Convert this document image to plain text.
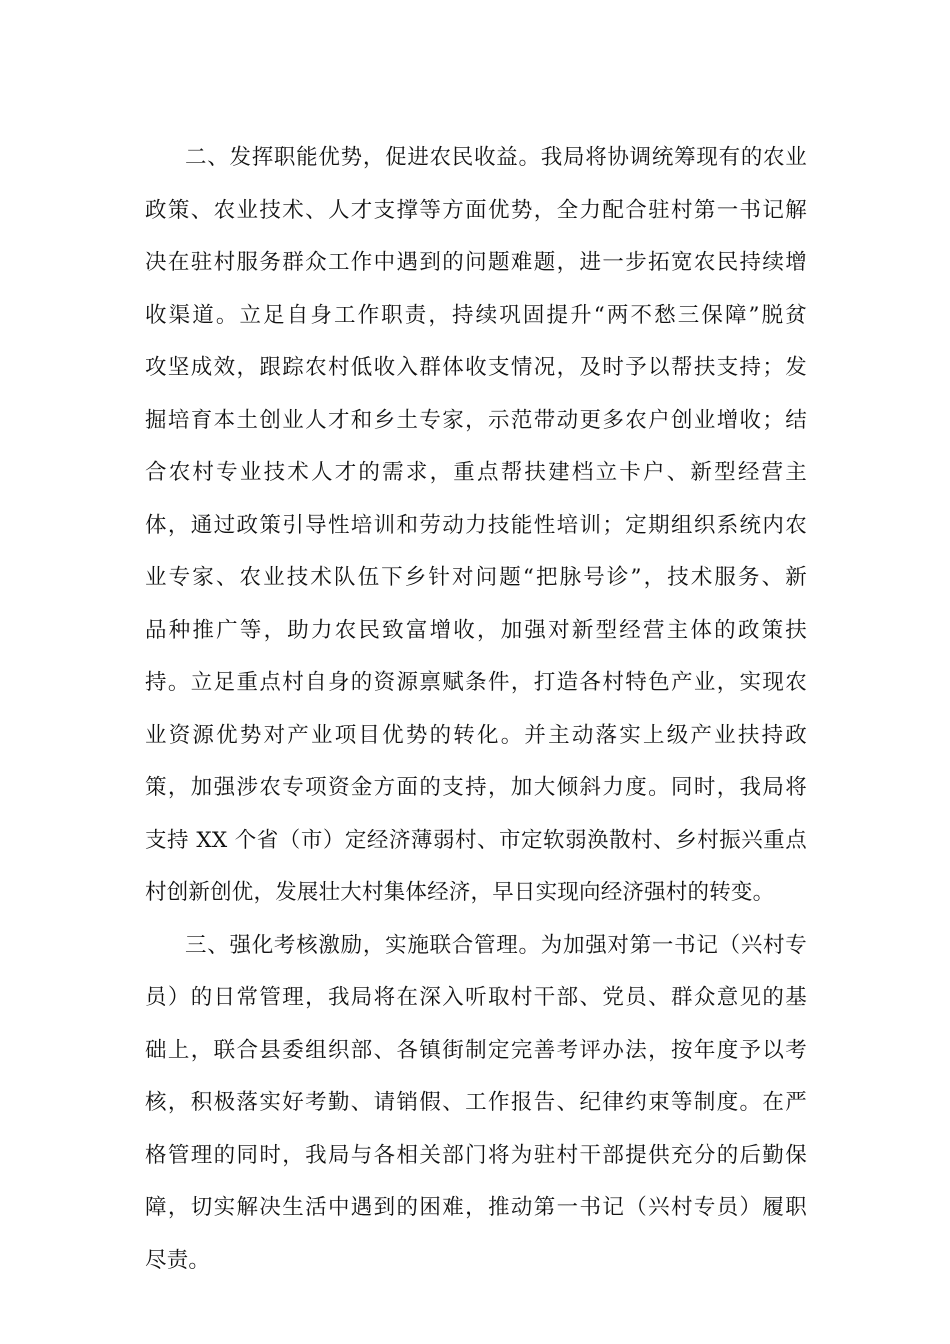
二、发挥职能优势，促进农民收益。我局将协调统筹现有的农业
政策、农业技术、人才支撑等方面优势，全力配合驻村第一书记解
决在驻村服务群众工作中遇到的问题难题，进一步拓宽农民持续增
收渠道。立足自身工作职责，持续巩固提升“两不愁三保障”脱贫
攻坚成效，跟踪农村低收入群体收支情况，及时予以帮扶支持；发
掘培育本土创业人才和乡土专家，示范带动更多农户创业增收；结
合农村专业技术人才的需求，重点帮扶建档立卡户、新型经营主
体，通过政策引导性培训和劳动力技能性培训；定期组织系统内农
业专家、农业技术队伍下乡针对问题“把脉号诊”，技术服务、新
品种推广等，助力农民致富增收，加强对新型经营主体的政策扶
持。立足重点村自身的资源禀赋条件，打造各村特色产业，实现农
业资源优势对产业项目优势的转化。并主动落实上级产业扶持政
策，加强涉农专项资金方面的支持，加大倾斜力度。同时，我局将
支持 XX 个省（市）定经济薄弱村、市定软弱涣散村、乡村振兴重点
村创新创优，发展壮大村集体经济，早日实现向经济强村的转变。
三、强化考核激励，实施联合管理。为加强对第一书记（兴村专
员）的日常管理，我局将在深入听取村干部、党员、群众意见的基
础上，联合县委组织部、各镇街制定完善考评办法，按年度予以考
核，积极落实好考勤、请销假、工作报告、纪律约束等制度。在严
格管理的同时，我局与各相关部门将为驻村干部提供充分的后勤保
障，切实解决生活中遇到的困难，推动第一书记（兴村专员）履职
尽责。
